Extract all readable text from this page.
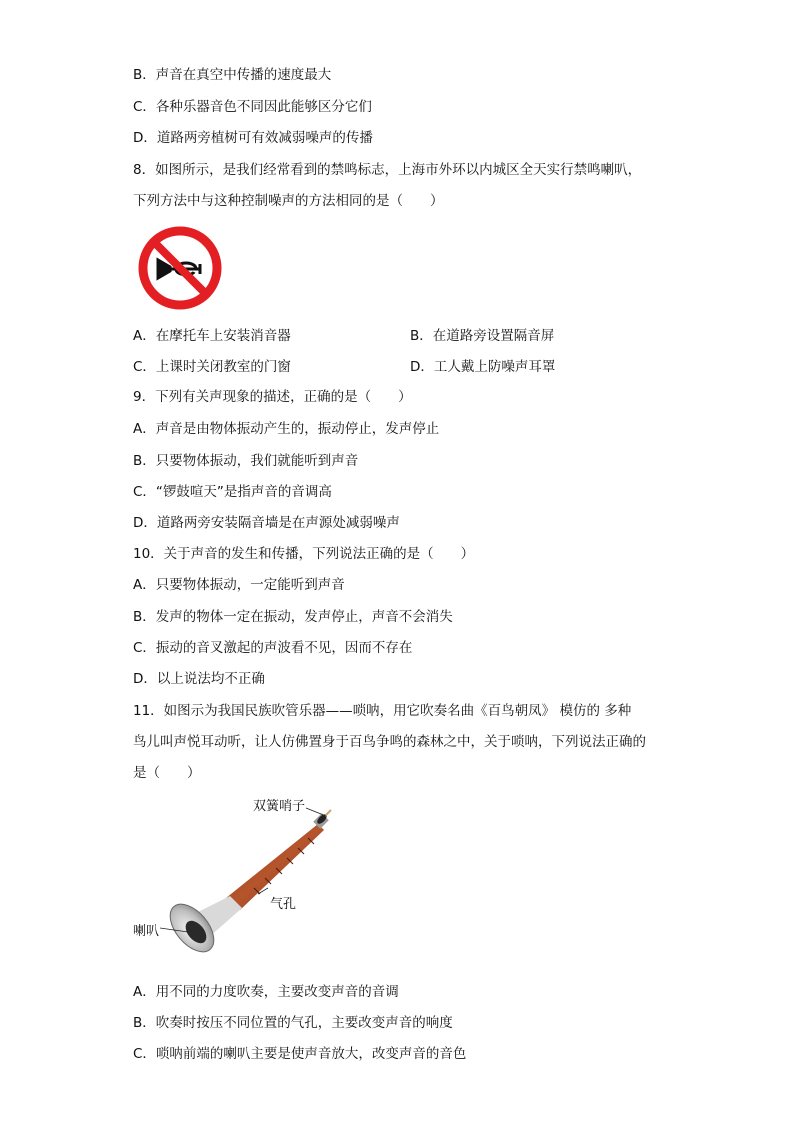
B．声音在真空中传播的速度最大
C．各种乐器音色不同因此能够区分它们
D．道路两旁植树可有效减弱噪声的传播
8．如图所示，是我们经常看到的禁鸣标志，上海市外环以内城区全天实行禁鸣喇叭，
下列方法中与这种控制噪声的方法相同的是（　　）
A．在摩托车上安装消音器	B．在道路旁设置隔音屏
C．上课时关闭教室的门窗	D．工人戴上防噪声耳罩
9．下列有关声现象的描述，正确的是（　　）
A．声音是由物体振动产生的，振动停止，发声停止
B．只要物体振动，我们就能听到声音
C．“锣鼓喧天”是指声音的音调高
D．道路两旁安装隔音墙是在声源处减弱噪声
10．关于声音的发生和传播，下列说法正确的是（　　）
A．只要物体振动，一定能听到声音
B．发声的物体一定在振动，发声停止，声音不会消失
C．振动的音叉激起的声波看不见，因而不存在
D．以上说法均不正确
11．如图示为我国民族吹管乐器——唢呐，用它吹奏名曲《百鸟朝凤》 模仿的 多种
鸟儿叫声悦耳动听，让人仿佛置身于百鸟争鸣的森林之中，关于唢呐，下列说法正确的
是（　　）
双簧哨子
气孔
喇叭
A．用不同的力度吹奏，主要改变声音的音调
B．吹奏时按压不同位置的气孔，主要改变声音的响度
C．唢呐前端的喇叭主要是使声音放大，改变声音的音色
